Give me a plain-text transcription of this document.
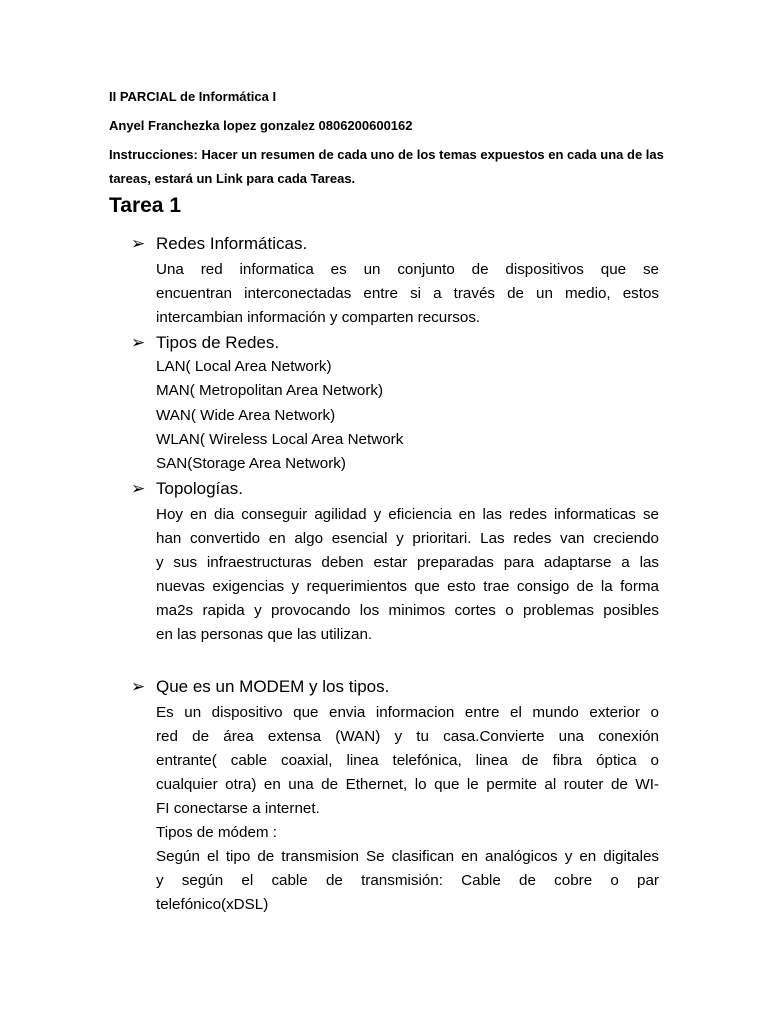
II PARCIAL de Informática I
Anyel Franchezka lopez gonzalez 0806200600162
Instrucciones: Hacer un resumen de cada uno de los temas expuestos en cada una de las tareas, estará un Link para cada Tareas.
Tarea 1
➢ Redes Informáticas.
Una red informatica es un conjunto de dispositivos que se
encuentran interconectadas entre si a través de un medio, estos
intercambian información y comparten recursos.
➢ Tipos de Redes.
LAN( Local Area Network)
MAN( Metropolitan Area Network)
WAN( Wide Area Network)
WLAN( Wireless Local Area Network
SAN(Storage Area Network)
➢ Topologías.
Hoy en dia conseguir agilidad y eficiencia en las redes informaticas se
han convertido en algo esencial y prioritari. Las redes van creciendo
y sus infraestructuras deben estar preparadas para adaptarse a las
nuevas exigencias y requerimientos que esto trae consigo de la forma
ma2s rapida y provocando los minimos cortes o problemas posibles
en las personas que las utilizan.
➢ Que es un MODEM y los tipos.
Es un dispositivo que envia informacion entre el mundo exterior o
red de área extensa (WAN) y tu casa.Convierte una conexión
entrante( cable coaxial, linea telefónica, linea de fibra óptica o
cualquier otra) en una de Ethernet, lo que le permite al router de WI-
FI conectarse a internet.
Tipos de módem :
Según el tipo de transmision Se clasifican en analógicos y en digitales
y según el cable de transmisión: Cable de cobre o par
telefónico(xDSL)
